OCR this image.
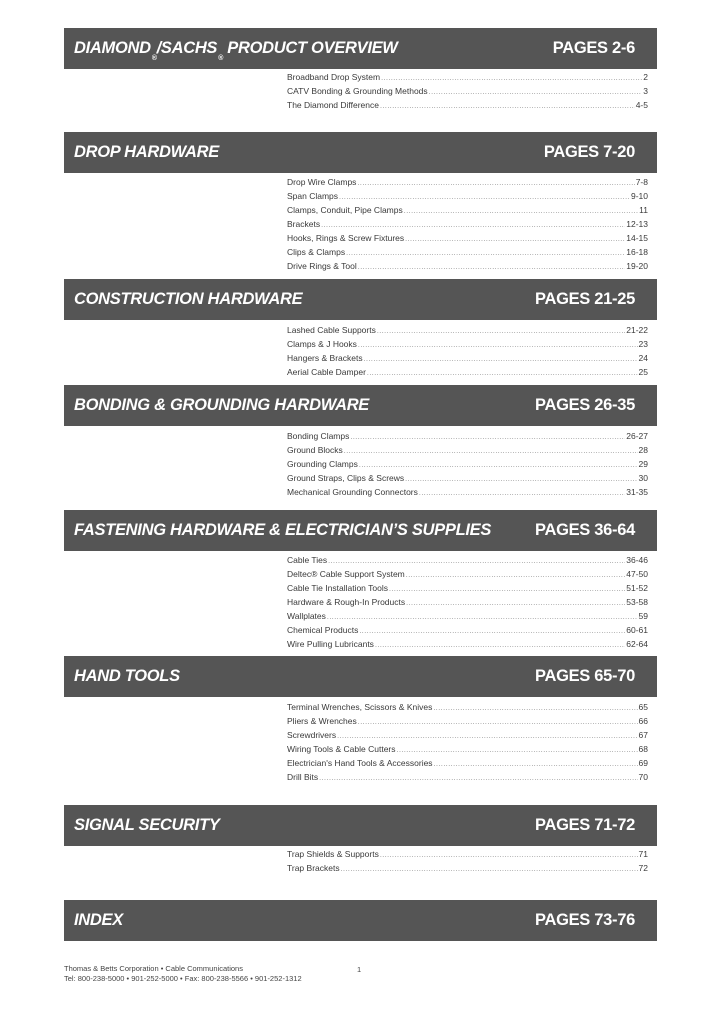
DIAMOND®/SACHS® PRODUCT OVERVIEW	PAGES 2-6
Broadband Drop System .....	2
CATV Bonding & Grounding Methods .....	3
The Diamond Difference .....	4-5
DROP HARDWARE	PAGES 7-20
Drop Wire Clamps .....	7-8
Span Clamps .....	9-10
Clamps, Conduit, Pipe Clamps .....	11
Brackets .....	12-13
Hooks, Rings & Screw Fixtures .....	14-15
Clips & Clamps .....	16-18
Drive Rings & Tool .....	19-20
CONSTRUCTION HARDWARE	PAGES 21-25
Lashed Cable Supports .....	21-22
Clamps & J Hooks .....	23
Hangers & Brackets .....	24
Aerial Cable Damper .....	25
BONDING & GROUNDING HARDWARE	PAGES 26-35
Bonding Clamps .....	26-27
Ground Blocks .....	28
Grounding Clamps .....	29
Ground Straps, Clips & Screws .....	30
Mechanical Grounding Connectors .....	31-35
FASTENING HARDWARE & ELECTRICIAN’S SUPPLIES	PAGES 36-64
Cable Ties .....	36-46
Deltec® Cable Support System .....	47-50
Cable Tie Installation Tools .....	51-52
Hardware & Rough-In Products .....	53-58
Wallplates .....	59
Chemical Products .....	60-61
Wire Pulling Lubricants .....	62-64
HAND TOOLS	PAGES 65-70
Terminal Wrenches, Scissors & Knives .....	65
Pliers & Wrenches .....	66
Screwdrivers .....	67
Wiring Tools & Cable Cutters .....	68
Electrician's Hand Tools & Accessories .....	69
Drill Bits .....	70
SIGNAL SECURITY	PAGES 71-72
Trap Shields & Supports .....	71
Trap Brackets .....	72
INDEX	PAGES 73-76
Thomas & Betts Corporation • Cable Communications
Tel: 800-238-5000 • 901-252-5000 • Fax: 800-238-5566 • 901-252-1312
1
